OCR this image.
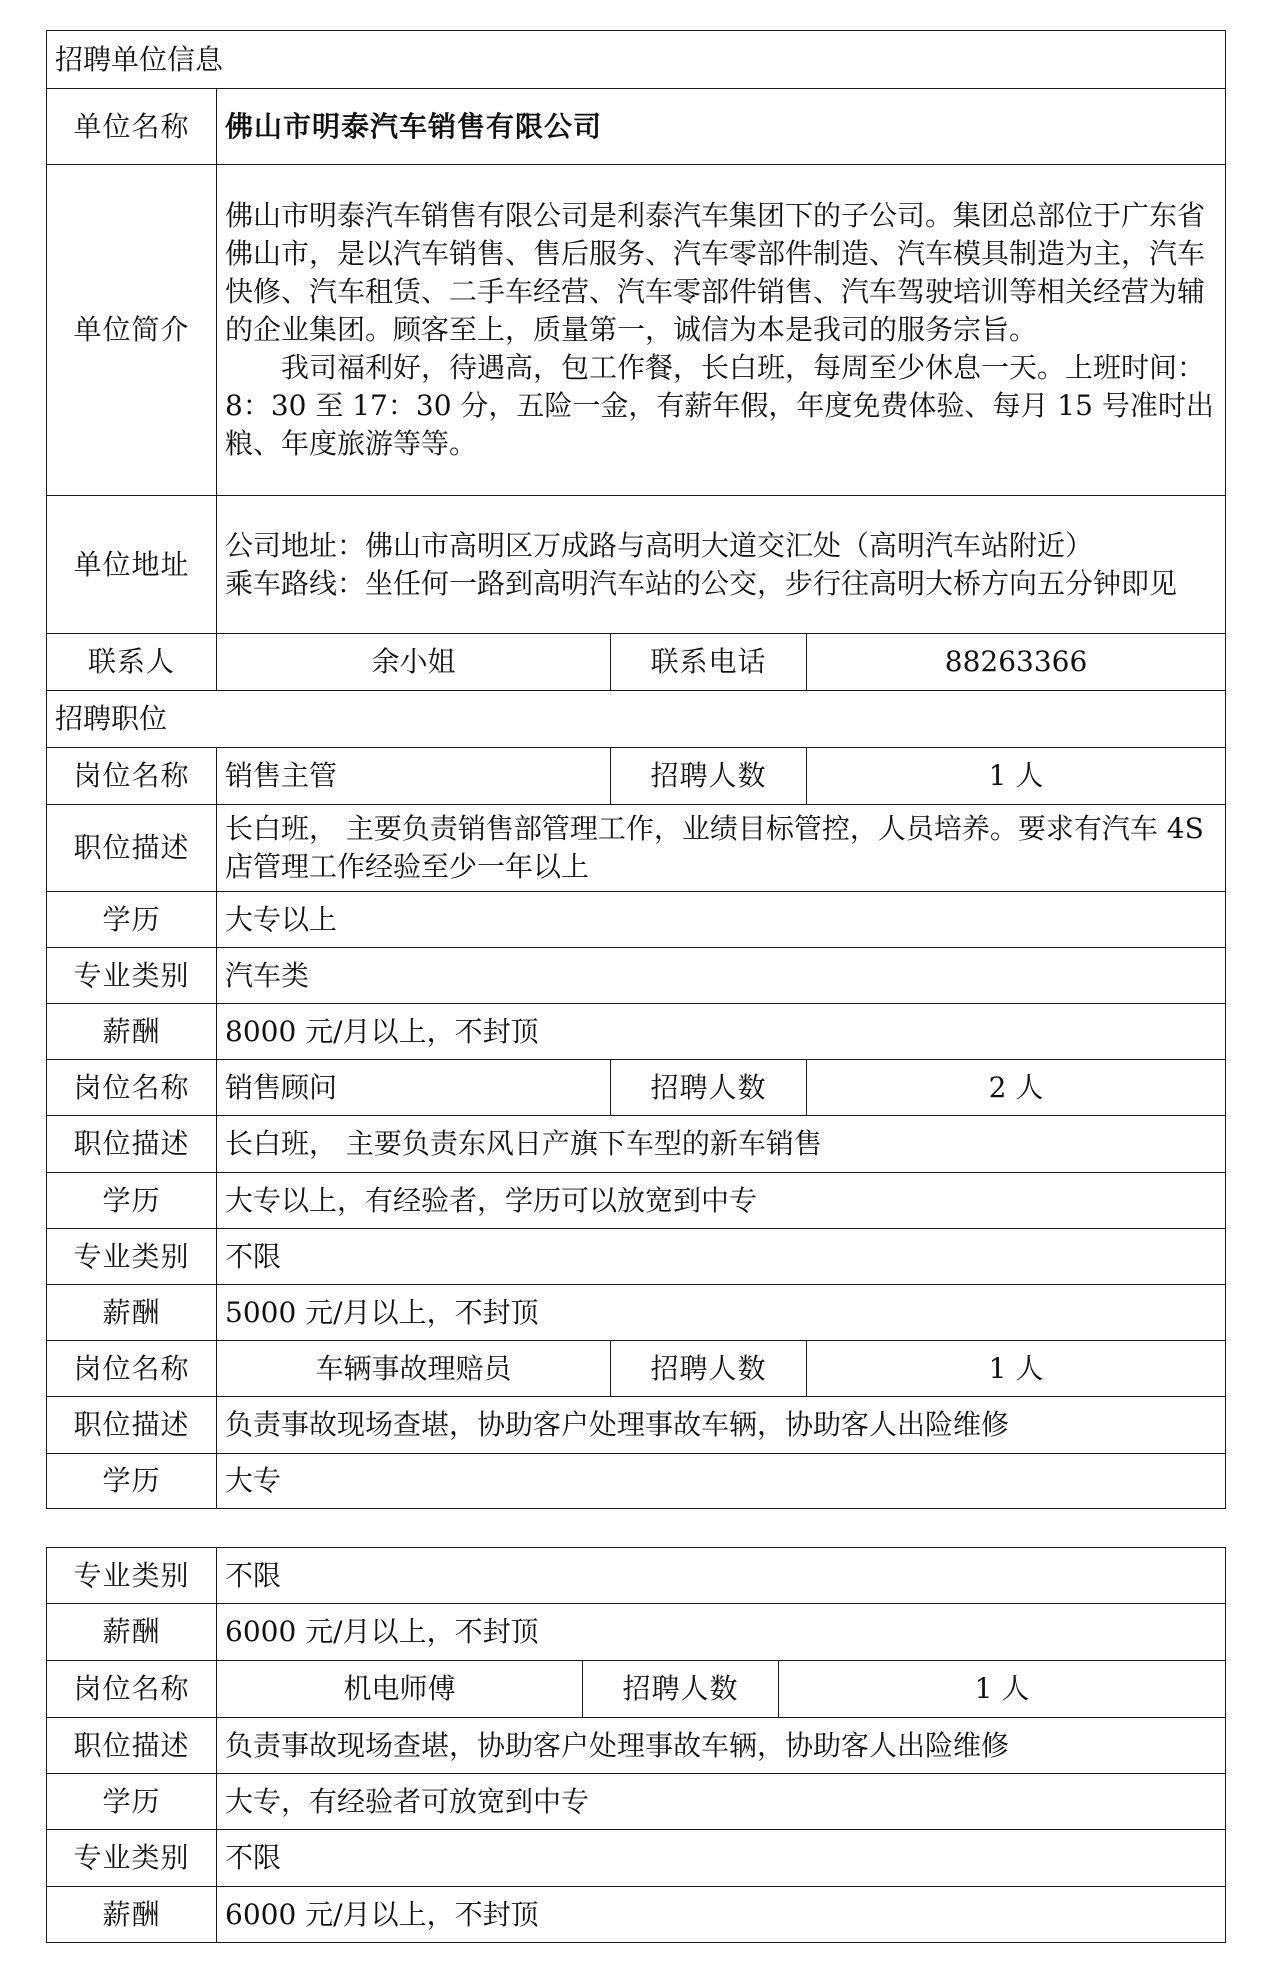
招聘单位信息			
单位名称	佛山市明泰汽车销售有限公司		
单位简介	佛山市明泰汽车销售有限公司是利泰汽车集团下的子公司。集团总部位于广东省佛山市，是以汽车销售、售后服务、汽车零部件制造、汽车模具制造为主，汽车快修、汽车租赁、二手车经营、汽车零部件销售、汽车驾驶培训等相关经营为辅的企业集团。顾客至上，质量第一，诚信为本是我司的服务宗旨。
我司福利好，待遇高，包工作餐，长白班，每周至少休息一天。上班时间：8：30 至 17：30 分，五险一金，有薪年假，年度免费体验、每月 15 号准时出粮、年度旅游等等。		

单位地址	公司地址：佛山市高明区万成路与高明大道交汇处（高明汽车站附近）
乘车路线：坐任何一路到高明汽车站的公交，步行往高明大桥方向五分钟即见		

联系人	余小姐	联系电话	88263366
招聘职位			
岗位名称	销售主管	招聘人数	1 人
职位描述	长白班， 主要负责销售部管理工作，业绩目标管控，人员培养。要求有汽车 4S 店管理工作经验至少一年以上		
学历	大专以上		
专业类别	汽车类		
薪酬	8000 元/月以上，不封顶		
岗位名称	销售顾问	招聘人数	2 人
职位描述	长白班， 主要负责东风日产旗下车型的新车销售		
学历	大专以上，有经验者，学历可以放宽到中专		
专业类别	不限		
薪酬	5000 元/月以上，不封顶		
岗位名称	车辆事故理赔员	招聘人数	1 人
职位描述	负责事故现场查堪，协助客户处理事故车辆，协助客人出险维修		
学历	大专		
专业类别	不限		
薪酬	6000 元/月以上，不封顶		
岗位名称	机电师傅	招聘人数	1 人
职位描述	负责事故现场查堪，协助客户处理事故车辆，协助客人出险维修		
学历	大专，有经验者可放宽到中专		
专业类别	不限		
薪酬	6000 元/月以上，不封顶		
